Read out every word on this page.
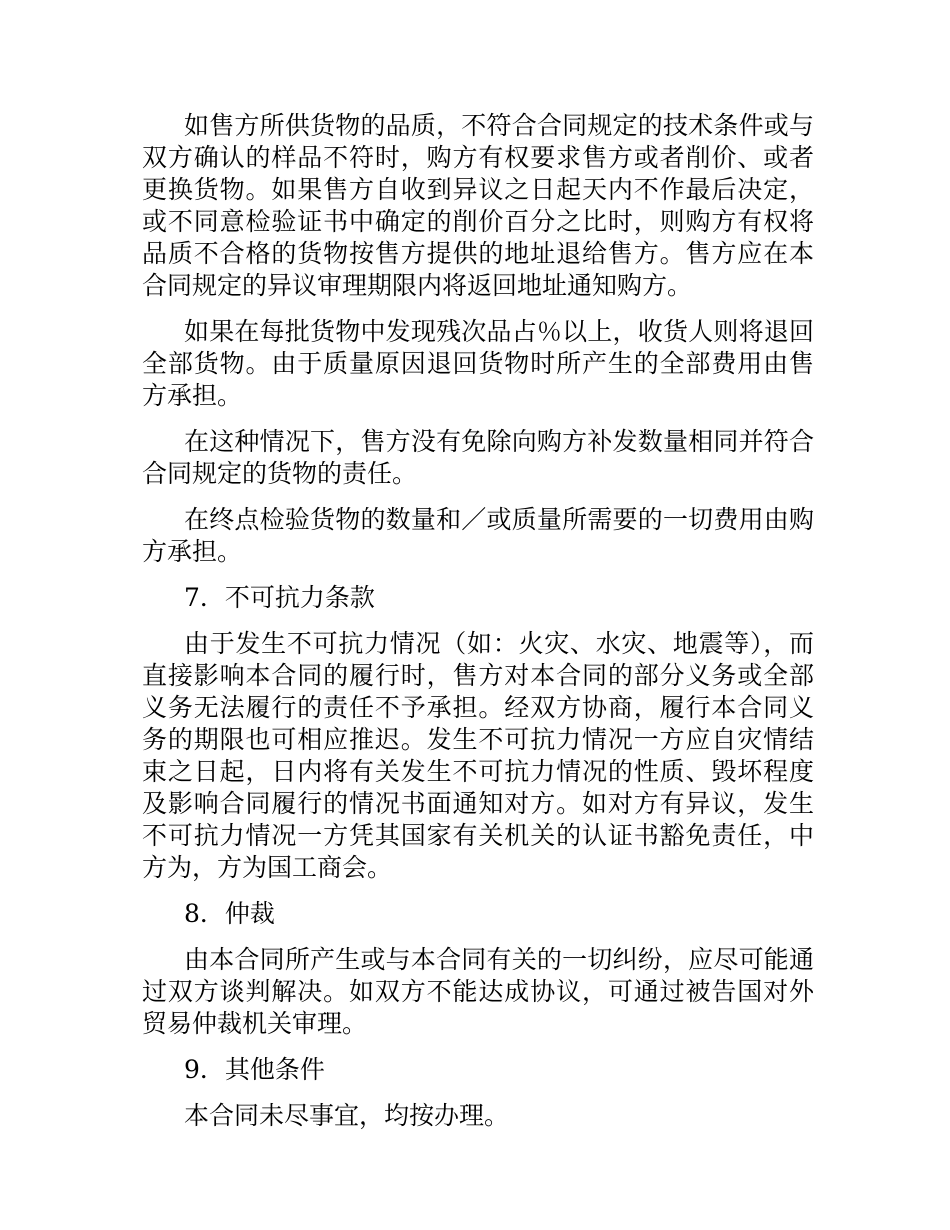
如售方所供货物的品质，不符合合同规定的技术条件或与双方确认的样品不符时，购方有权要求售方或者削价、或者更换货物。如果售方自收到异议之日起天内不作最后决定，或不同意检验证书中确定的削价百分之比时，则购方有权将品质不合格的货物按售方提供的地址退给售方。售方应在本合同规定的异议审理期限内将返回地址通知购方。

如果在每批货物中发现残次品占％以上，收货人则将退回全部货物。由于质量原因退回货物时所产生的全部费用由售方承担。

在这种情况下，售方没有免除向购方补发数量相同并符合合同规定的货物的责任。

在终点检验货物的数量和／或质量所需要的一切费用由购方承担。

7．不可抗力条款

由于发生不可抗力情况（如：火灾、水灾、地震等），而直接影响本合同的履行时，售方对本合同的部分义务或全部义务无法履行的责任不予承担。经双方协商，履行本合同义务的期限也可相应推迟。发生不可抗力情况一方应自灾情结束之日起，日内将有关发生不可抗力情况的性质、毁坏程度及影响合同履行的情况书面通知对方。如对方有异议，发生不可抗力情况一方凭其国家有关机关的认证书豁免责任，中方为，方为国工商会。

8．仲裁

由本合同所产生或与本合同有关的一切纠纷，应尽可能通过双方谈判解决。如双方不能达成协议，可通过被告国对外贸易仲裁机关审理。

9．其他条件

本合同未尽事宜，均按办理。
